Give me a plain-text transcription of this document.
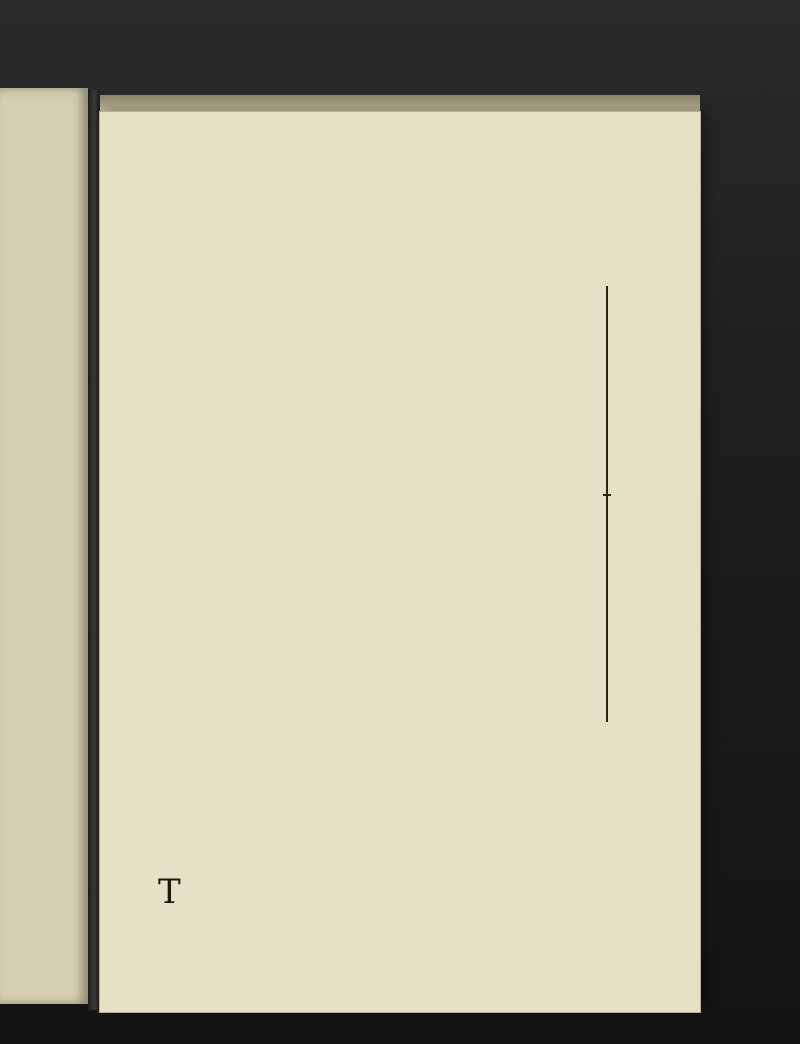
T
